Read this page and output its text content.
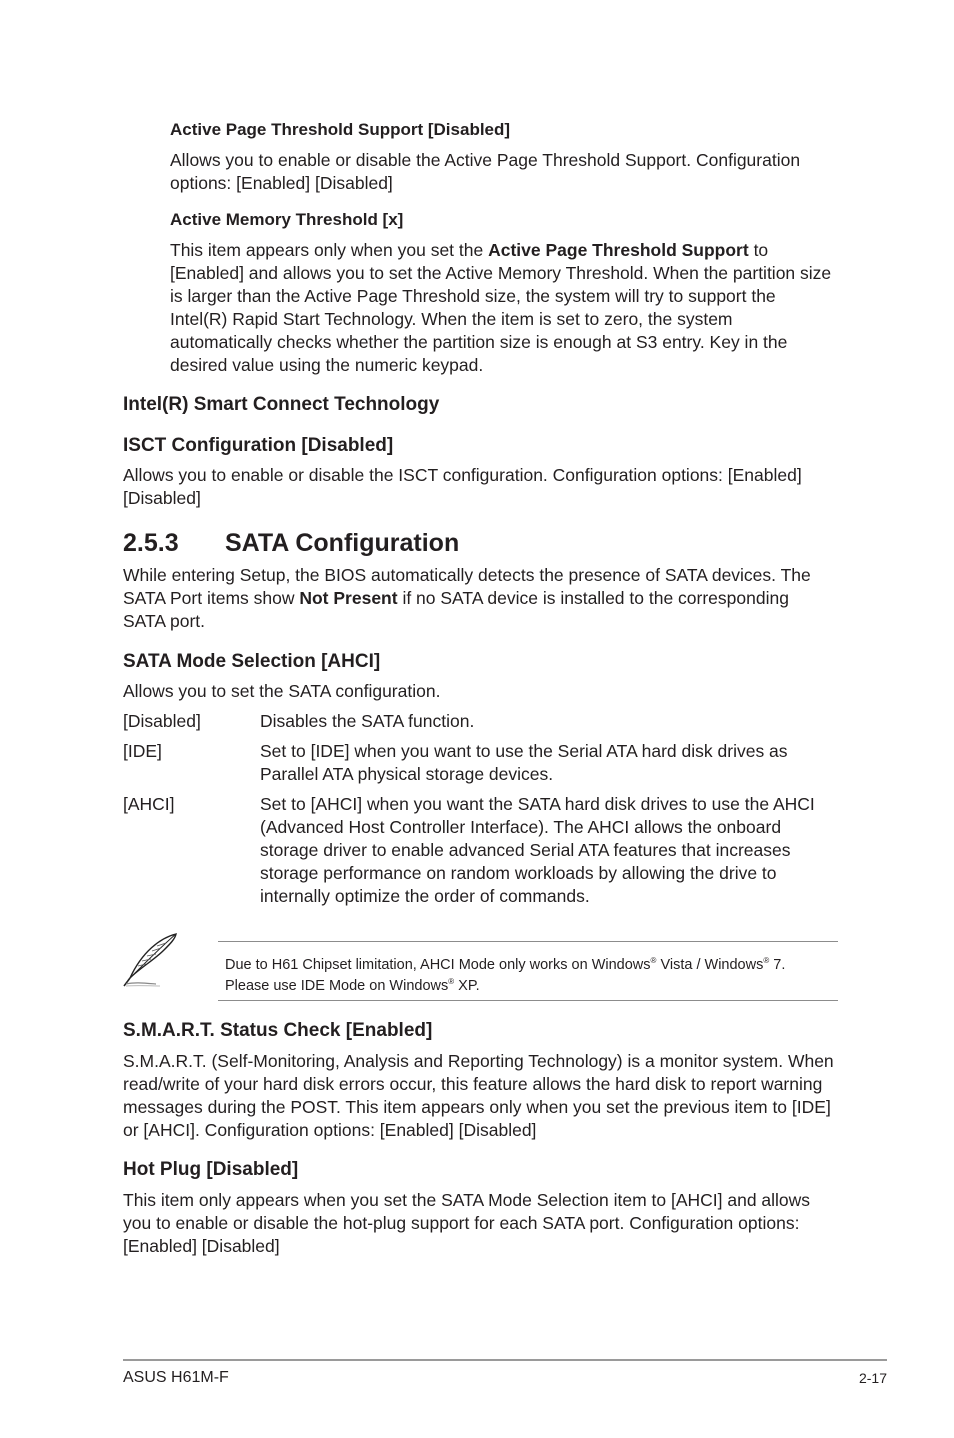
Active Page Threshold Support [Disabled]
Allows you to enable or disable the Active Page Threshold Support. Configuration options: [Enabled] [Disabled]
Active Memory Threshold [x]
This item appears only when you set the Active Page Threshold Support to [Enabled] and allows you to set the Active Memory Threshold. When the partition size is larger than the Active Page Threshold size, the system will try to support the Intel(R) Rapid Start Technology. When the item is set to zero, the system automatically checks whether the partition size is enough at S3 entry. Key in the desired value using the numeric keypad.
Intel(R) Smart Connect Technology
ISCT Configuration [Disabled]
Allows you to enable or disable the ISCT configuration. Configuration options: [Enabled] [Disabled]
2.5.3 SATA Configuration
While entering Setup, the BIOS automatically detects the presence of SATA devices. The SATA Port items show Not Present if no SATA device is installed to the corresponding SATA port.
SATA Mode Selection [AHCI]
Allows you to set the SATA configuration.
[Disabled]	Disables the SATA function.
[IDE]	Set to [IDE] when you want to use the Serial ATA hard disk drives as Parallel ATA physical storage devices.
[AHCI]	Set to [AHCI] when you want the SATA hard disk drives to use the AHCI (Advanced Host Controller Interface). The AHCI allows the onboard storage driver to enable advanced Serial ATA features that increases storage performance on random workloads by allowing the drive to internally optimize the order of commands.
Due to H61 Chipset limitation, AHCI Mode only works on Windows® Vista / Windows® 7.
Please use IDE Mode on Windows® XP.
S.M.A.R.T. Status Check [Enabled]
S.M.A.R.T. (Self-Monitoring, Analysis and Reporting Technology) is a monitor system. When read/write of your hard disk errors occur, this feature allows the hard disk to report warning messages during the POST. This item appears only when you set the previous item to [IDE] or [AHCI]. Configuration options: [Enabled] [Disabled]
Hot Plug [Disabled]
This item only appears when you set the SATA Mode Selection item to [AHCI] and allows you to enable or disable the hot-plug support for each SATA port. Configuration options: [Enabled] [Disabled]
ASUS H61M-F	2-17
